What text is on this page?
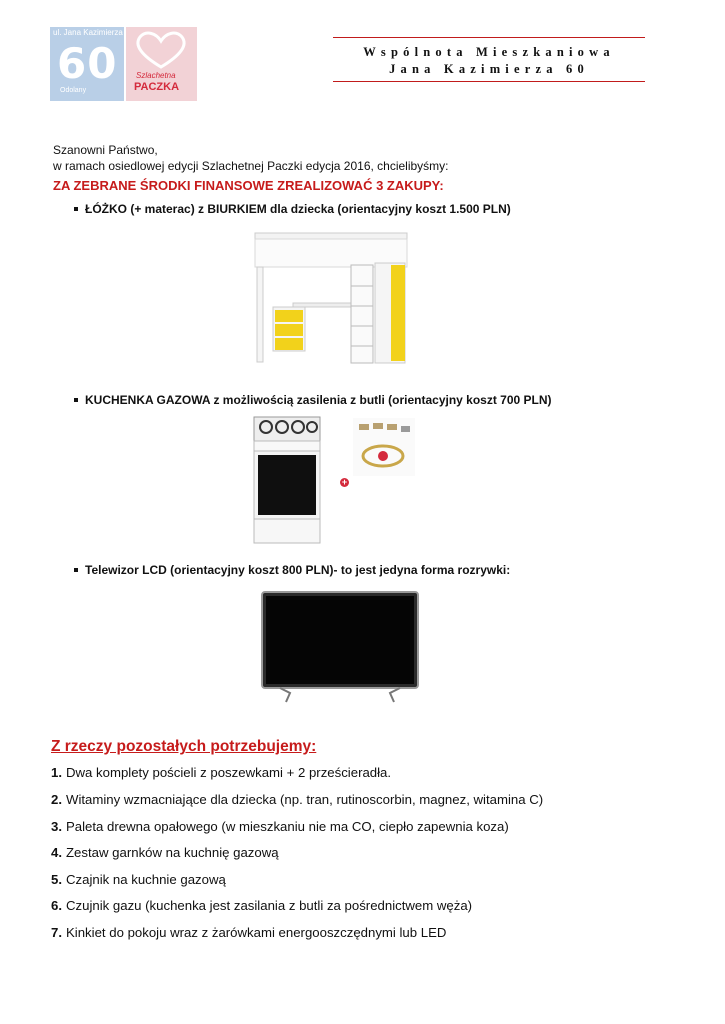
ul. Jana Kazimierza
60
Odolany
Szlachetna
PACZKA
Wspólnota Mieszkaniowa
Jana Kazimierza 60
Szanowni Państwo,
w ramach osiedlowej edycji Szlachetnej Paczki edycja 2016, chcielibyśmy:
ZA ZEBRANE ŚRODKI FINANSOWE ZREALIZOWAĆ 3 ZAKUPY:
ŁÓŻKO (+ materac) z BIURKIEM dla dziecka (orientacyjny koszt 1.500 PLN)
KUCHENKA GAZOWA z możliwością zasilenia z butli (orientacyjny koszt 700 PLN)
+
Telewizor LCD (orientacyjny koszt 800 PLN)- to jest jedyna forma rozrywki:
Z rzeczy pozostałych potrzebujemy:
1. Dwa komplety pościeli z poszewkami + 2 prześcieradła.
2. Witaminy wzmacniające dla dziecka (np. tran, rutinoscorbin, magnez, witamina C)
3. Paleta drewna opałowego (w mieszkaniu nie ma CO, ciepło zapewnia koza)
4. Zestaw garnków na kuchnię gazową
5. Czajnik na kuchnie gazową
6. Czujnik gazu (kuchenka jest zasilania z butli za pośrednictwem węża)
7. Kinkiet do pokoju wraz z żarówkami energooszczędnymi lub LED
